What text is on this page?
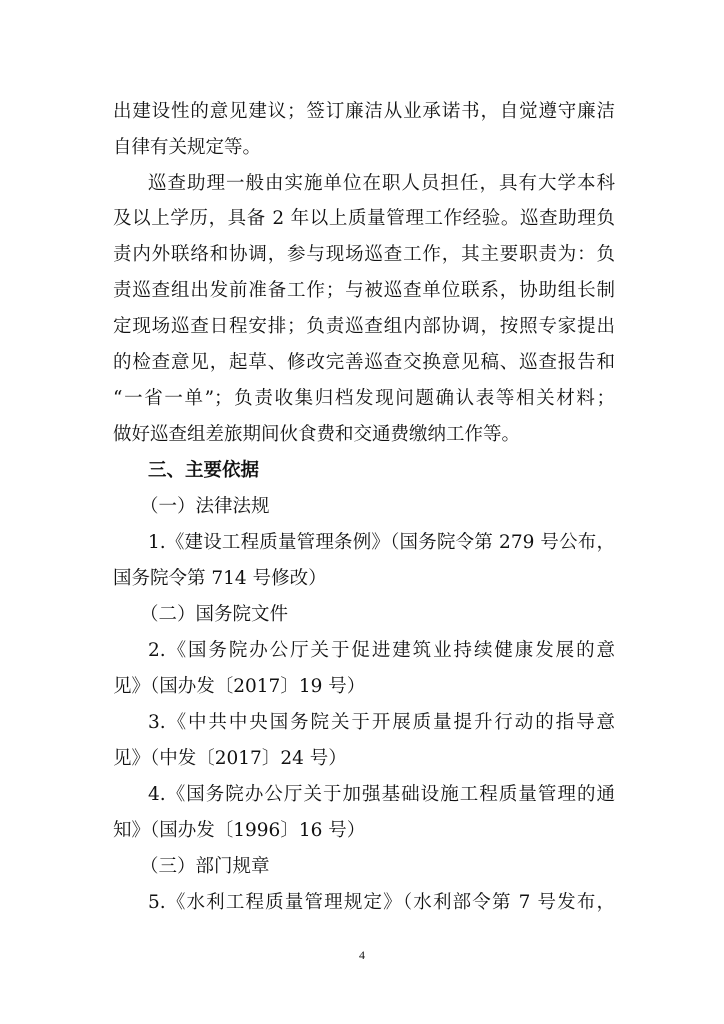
出建设性的意见建议；签订廉洁从业承诺书，自觉遵守廉洁
自律有关规定等。
巡查助理一般由实施单位在职人员担任，具有大学本科
及以上学历，具备 2 年以上质量管理工作经验。巡查助理负
责内外联络和协调，参与现场巡查工作，其主要职责为：负
责巡查组出发前准备工作；与被巡查单位联系，协助组长制
定现场巡查日程安排；负责巡查组内部协调，按照专家提出
的检查意见，起草、修改完善巡查交换意见稿、巡查报告和
“一省一单”；负责收集归档发现问题确认表等相关材料；
做好巡查组差旅期间伙食费和交通费缴纳工作等。
三、主要依据
（一）法律法规
1.《建设工程质量管理条例》（国务院令第 279 号公布，
国务院令第 714 号修改）
（二）国务院文件
2.《国务院办公厅关于促进建筑业持续健康发展的意
见》（国办发〔2017〕19 号）
3.《中共中央国务院关于开展质量提升行动的指导意
见》（中发〔2017〕24 号）
4.《国务院办公厅关于加强基础设施工程质量管理的通
知》（国办发〔1996〕16 号）
（三）部门规章
5.《水利工程质量管理规定》（水利部令第 7 号发布，
4
